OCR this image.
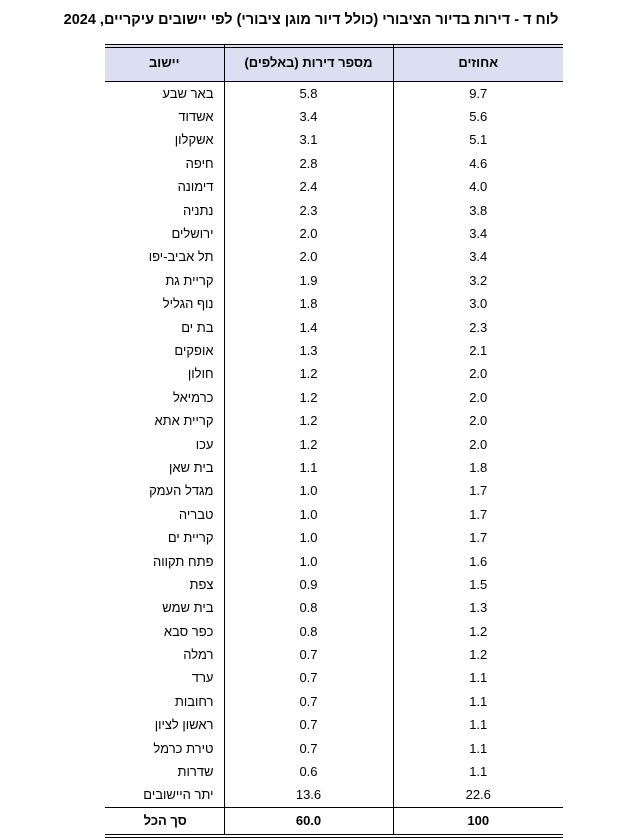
לוח ד - דירות בדיור הציבורי (כולל דיור מוגן ציבורי) לפי יישובים עיקריים, 2024
אחוזים	מספר דירות (באלפים)	יישוב
9.7	5.8	באר שבע
5.6	3.4	אשדוד
5.1	3.1	אשקלון
4.6	2.8	חיפה
4.0	2.4	דימונה
3.8	2.3	נתניה
3.4	2.0	ירושלים
3.4	2.0	תל אביב-יפו
3.2	1.9	קריית גת
3.0	1.8	נוף הגליל
2.3	1.4	בת ים
2.1	1.3	אופקים
2.0	1.2	חולון
2.0	1.2	כרמיאל
2.0	1.2	קריית אתא
2.0	1.2	עכו
1.8	1.1	בית שאן
1.7	1.0	מגדל העמק
1.7	1.0	טבריה
1.7	1.0	קריית ים
1.6	1.0	פתח תקווה
1.5	0.9	צפת
1.3	0.8	בית שמש
1.2	0.8	כפר סבא
1.2	0.7	רמלה
1.1	0.7	ערד
1.1	0.7	רחובות
1.1	0.7	ראשון לציון
1.1	0.7	טירת כרמל
1.1	0.6	שדרות
22.6	13.6	יתר היישובים
100	60.0	סך הכל
